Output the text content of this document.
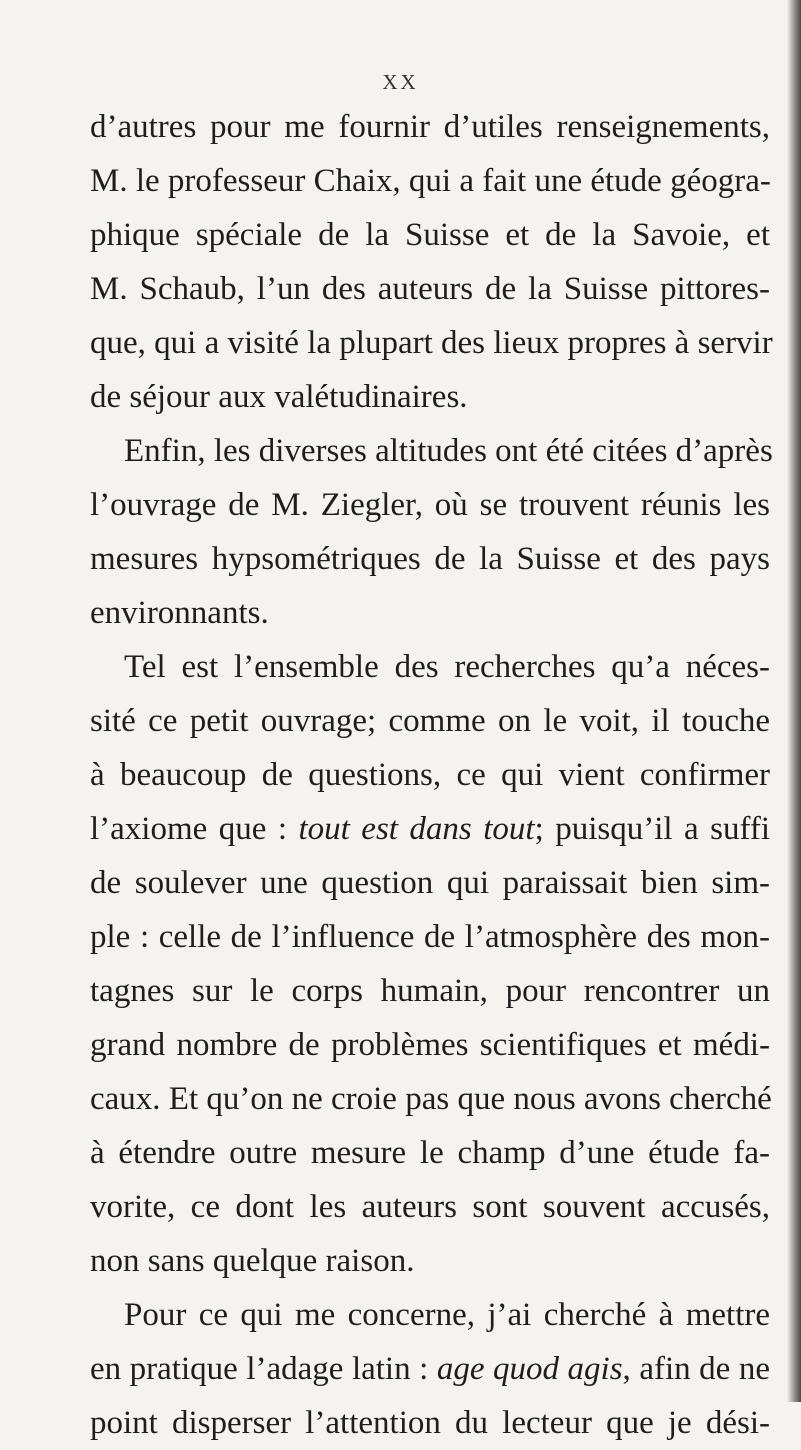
XX
d’autres pour me fournir d’utiles renseignements,
M. le professeur Chaix, qui a fait une étude géogra-
phique spéciale de la Suisse et de la Savoie, et
M. Schaub, l’un des auteurs de la Suisse pittores-
que, qui a visité la plupart des lieux propres à servir
de séjour aux valétudinaires.
Enfin, les diverses altitudes ont été citées d’après
l’ouvrage de M. Ziegler, où se trouvent réunis les
mesures hypsométriques de la Suisse et des pays
environnants.
Tel est l’ensemble des recherches qu’a néces-
sité ce petit ouvrage; comme on le voit, il touche
à beaucoup de questions, ce qui vient confirmer
l’axiome que : tout est dans tout; puisqu’il a suffi
de soulever une question qui paraissait bien sim-
ple : celle de l’influence de l’atmosphère des mon-
tagnes sur le corps humain, pour rencontrer un
grand nombre de problèmes scientifiques et médi-
caux. Et qu’on ne croie pas que nous avons cherché
à étendre outre mesure le champ d’une étude fa-
vorite, ce dont les auteurs sont souvent accusés,
non sans quelque raison.
Pour ce qui me concerne, j’ai cherché à mettre
en pratique l’adage latin : age quod agis, afin de ne
point disperser l’attention du lecteur que je dési-
